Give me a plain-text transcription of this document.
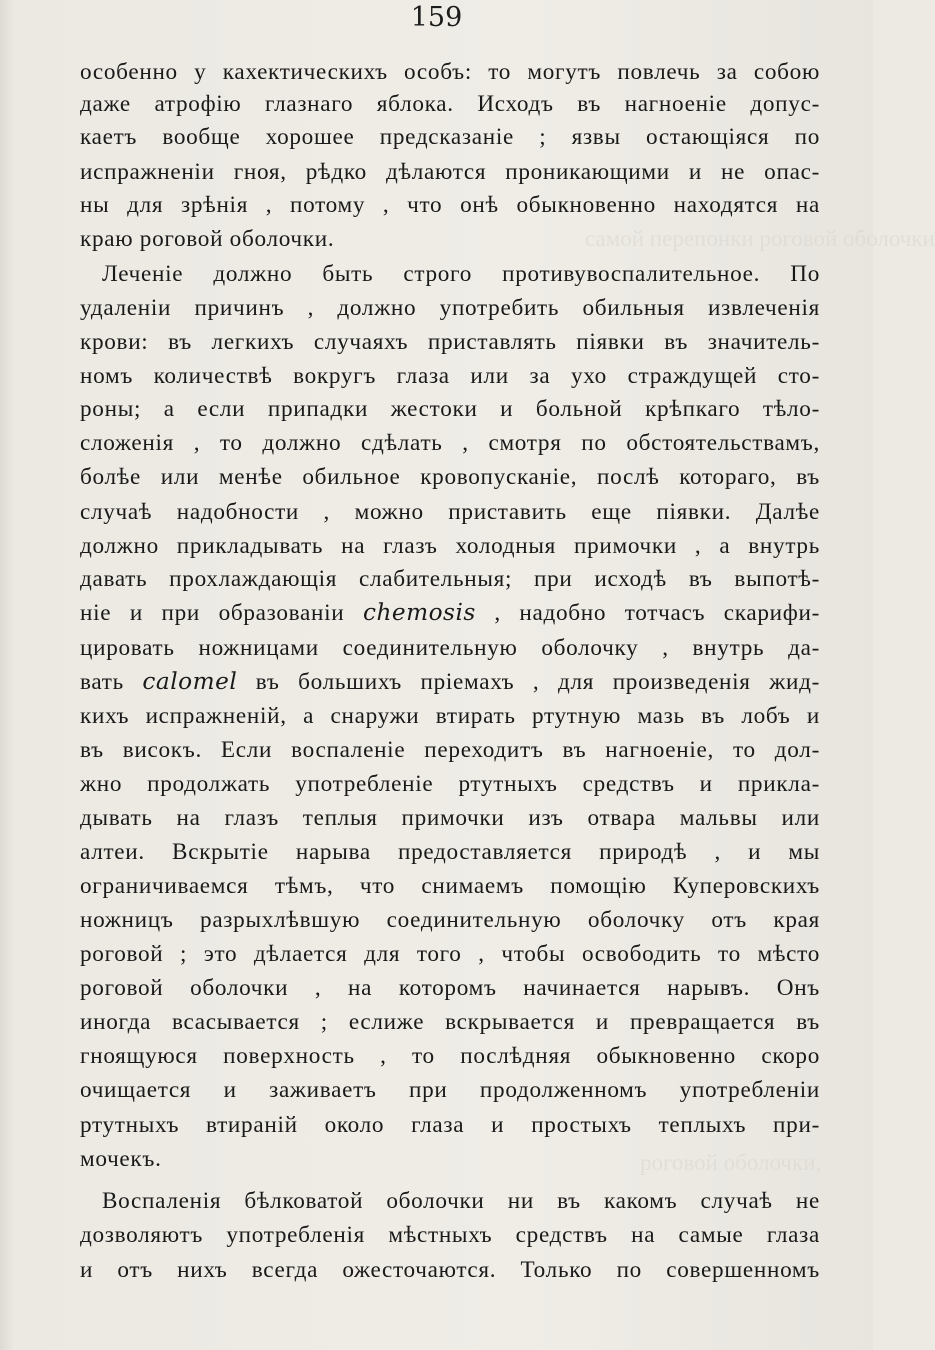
159
самой перепонки роговой оболочки
роговой оболочки,
особенно у кахектическихъ особъ: то могутъ повлечь за собою
даже атрофію глазнаго яблока. Исходъ въ нагноеніе допус-
каетъ вообще хорошее предсказаніе ; язвы остающіяся по
испражненіи гноя, рѣдко дѣлаются проникающими и не опас-
ны для зрѣнія , потому , что онѣ обыкновенно находятся на
краю роговой оболочки.
Леченіе должно быть строго противувоспалительное. По
удаленіи причинъ , должно употребить обильныя извлеченія
крови: въ легкихъ случаяхъ приставлять піявки въ значитель-
номъ количествѣ вокругъ глаза или за ухо страждущей сто-
роны; а если припадки жестоки и больной крѣпкаго тѣло-
сложенія , то должно сдѣлать , смотря по обстоятельствамъ,
болѣе или менѣе обильное кровопусканіе, послѣ котораго, въ
случаѣ надобности , можно приставить еще піявки. Далѣе
должно прикладывать на глазъ холодныя примочки , а внутрь
давать прохлаждающія слабительныя; при исходѣ въ выпотѣ-
ніе и при образованіи chemosis , надобно тотчасъ скарифи-
цировать ножницами соединительную оболочку , внутрь да-
вать calomel въ большихъ пріемахъ , для произведенія жид-
кихъ испражненій, а снаружи втирать ртутную мазь въ лобъ и
въ високъ. Если воспаленіе переходитъ въ нагноеніе, то дол-
жно продолжать употребленіе ртутныхъ средствъ и прикла-
дывать на глазъ теплыя примочки изъ отвара мальвы или
алтеи. Вскрытіе нарыва предоставляется природѣ , и мы
ограничиваемся тѣмъ, что снимаемъ помощію Куперовскихъ
ножницъ разрыхлѣвшую соединительную оболочку отъ края
роговой ; это дѣлается для того , чтобы освободить то мѣсто
роговой оболочки , на которомъ начинается нарывъ. Онъ
иногда всасывается ; еслиже вскрывается и превращается въ
гноящуюся поверхность , то послѣдняя обыкновенно скоро
очищается и заживаетъ при продолженномъ употребленіи
ртутныхъ втираній около глаза и простыхъ теплыхъ при-
мочекъ.
Воспаленія бѣлковатой оболочки ни въ какомъ случаѣ не
дозволяютъ употребленія мѣстныхъ средствъ на самые глаза
и отъ нихъ всегда ожесточаются. Только по совершенномъ
